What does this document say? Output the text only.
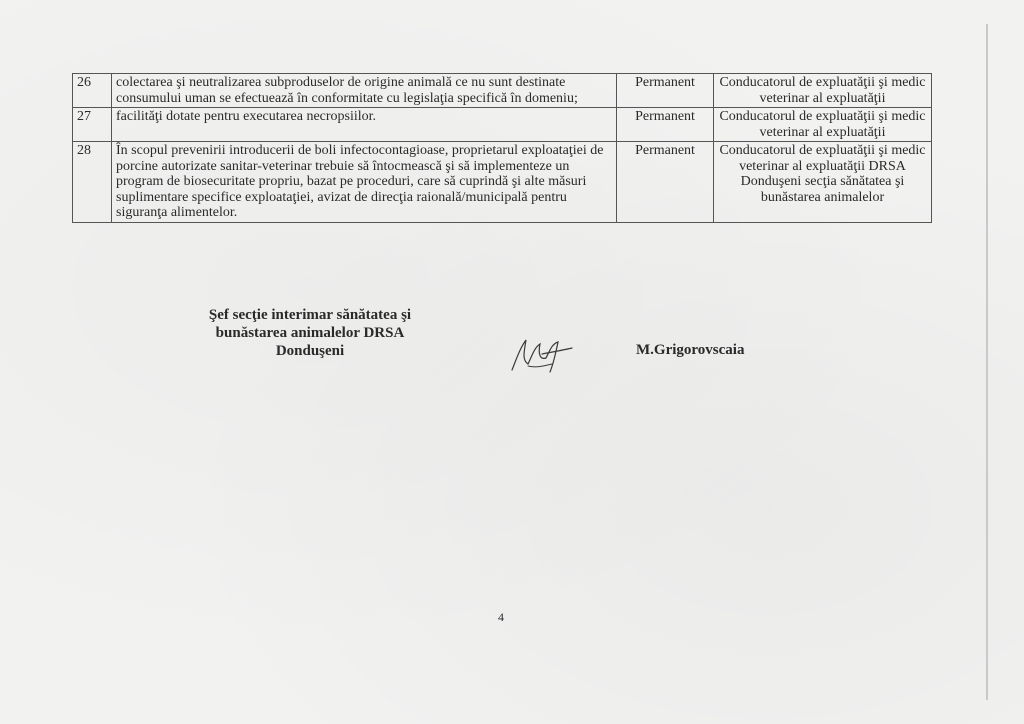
26	colectarea şi neutralizarea subproduselor de origine animală ce nu sunt destinate consumului uman se efectuează în conformitate cu legislaţia specifică în domeniu;	Permanent	Conducatorul de expluatăţii şi medic veterinar al expluatăţii
27	facilităţi dotate pentru executarea necropsiilor.	Permanent	Conducatorul de expluatăţii şi medic veterinar al expluatăţii
28	În scopul prevenirii introducerii de boli infectocontagioase, proprietarul exploataţiei de porcine autorizate sanitar-veterinar trebuie să întocmească şi să implementeze un program de biosecuritate propriu, bazat pe proceduri, care să cuprindă şi alte măsuri suplimentare specifice exploataţiei, avizat de direcţia raională/municipală pentru siguranţa alimentelor.	Permanent	Conducatorul de expluatăţii şi medic veterinar al expluatăţii DRSA Donduşeni secţia sănătatea şi bunăstarea animalelor
Şef secţie interimar sănătatea şi
bunăstarea animalelor DRSA
Donduşeni	M.Grigorovscaia
4
